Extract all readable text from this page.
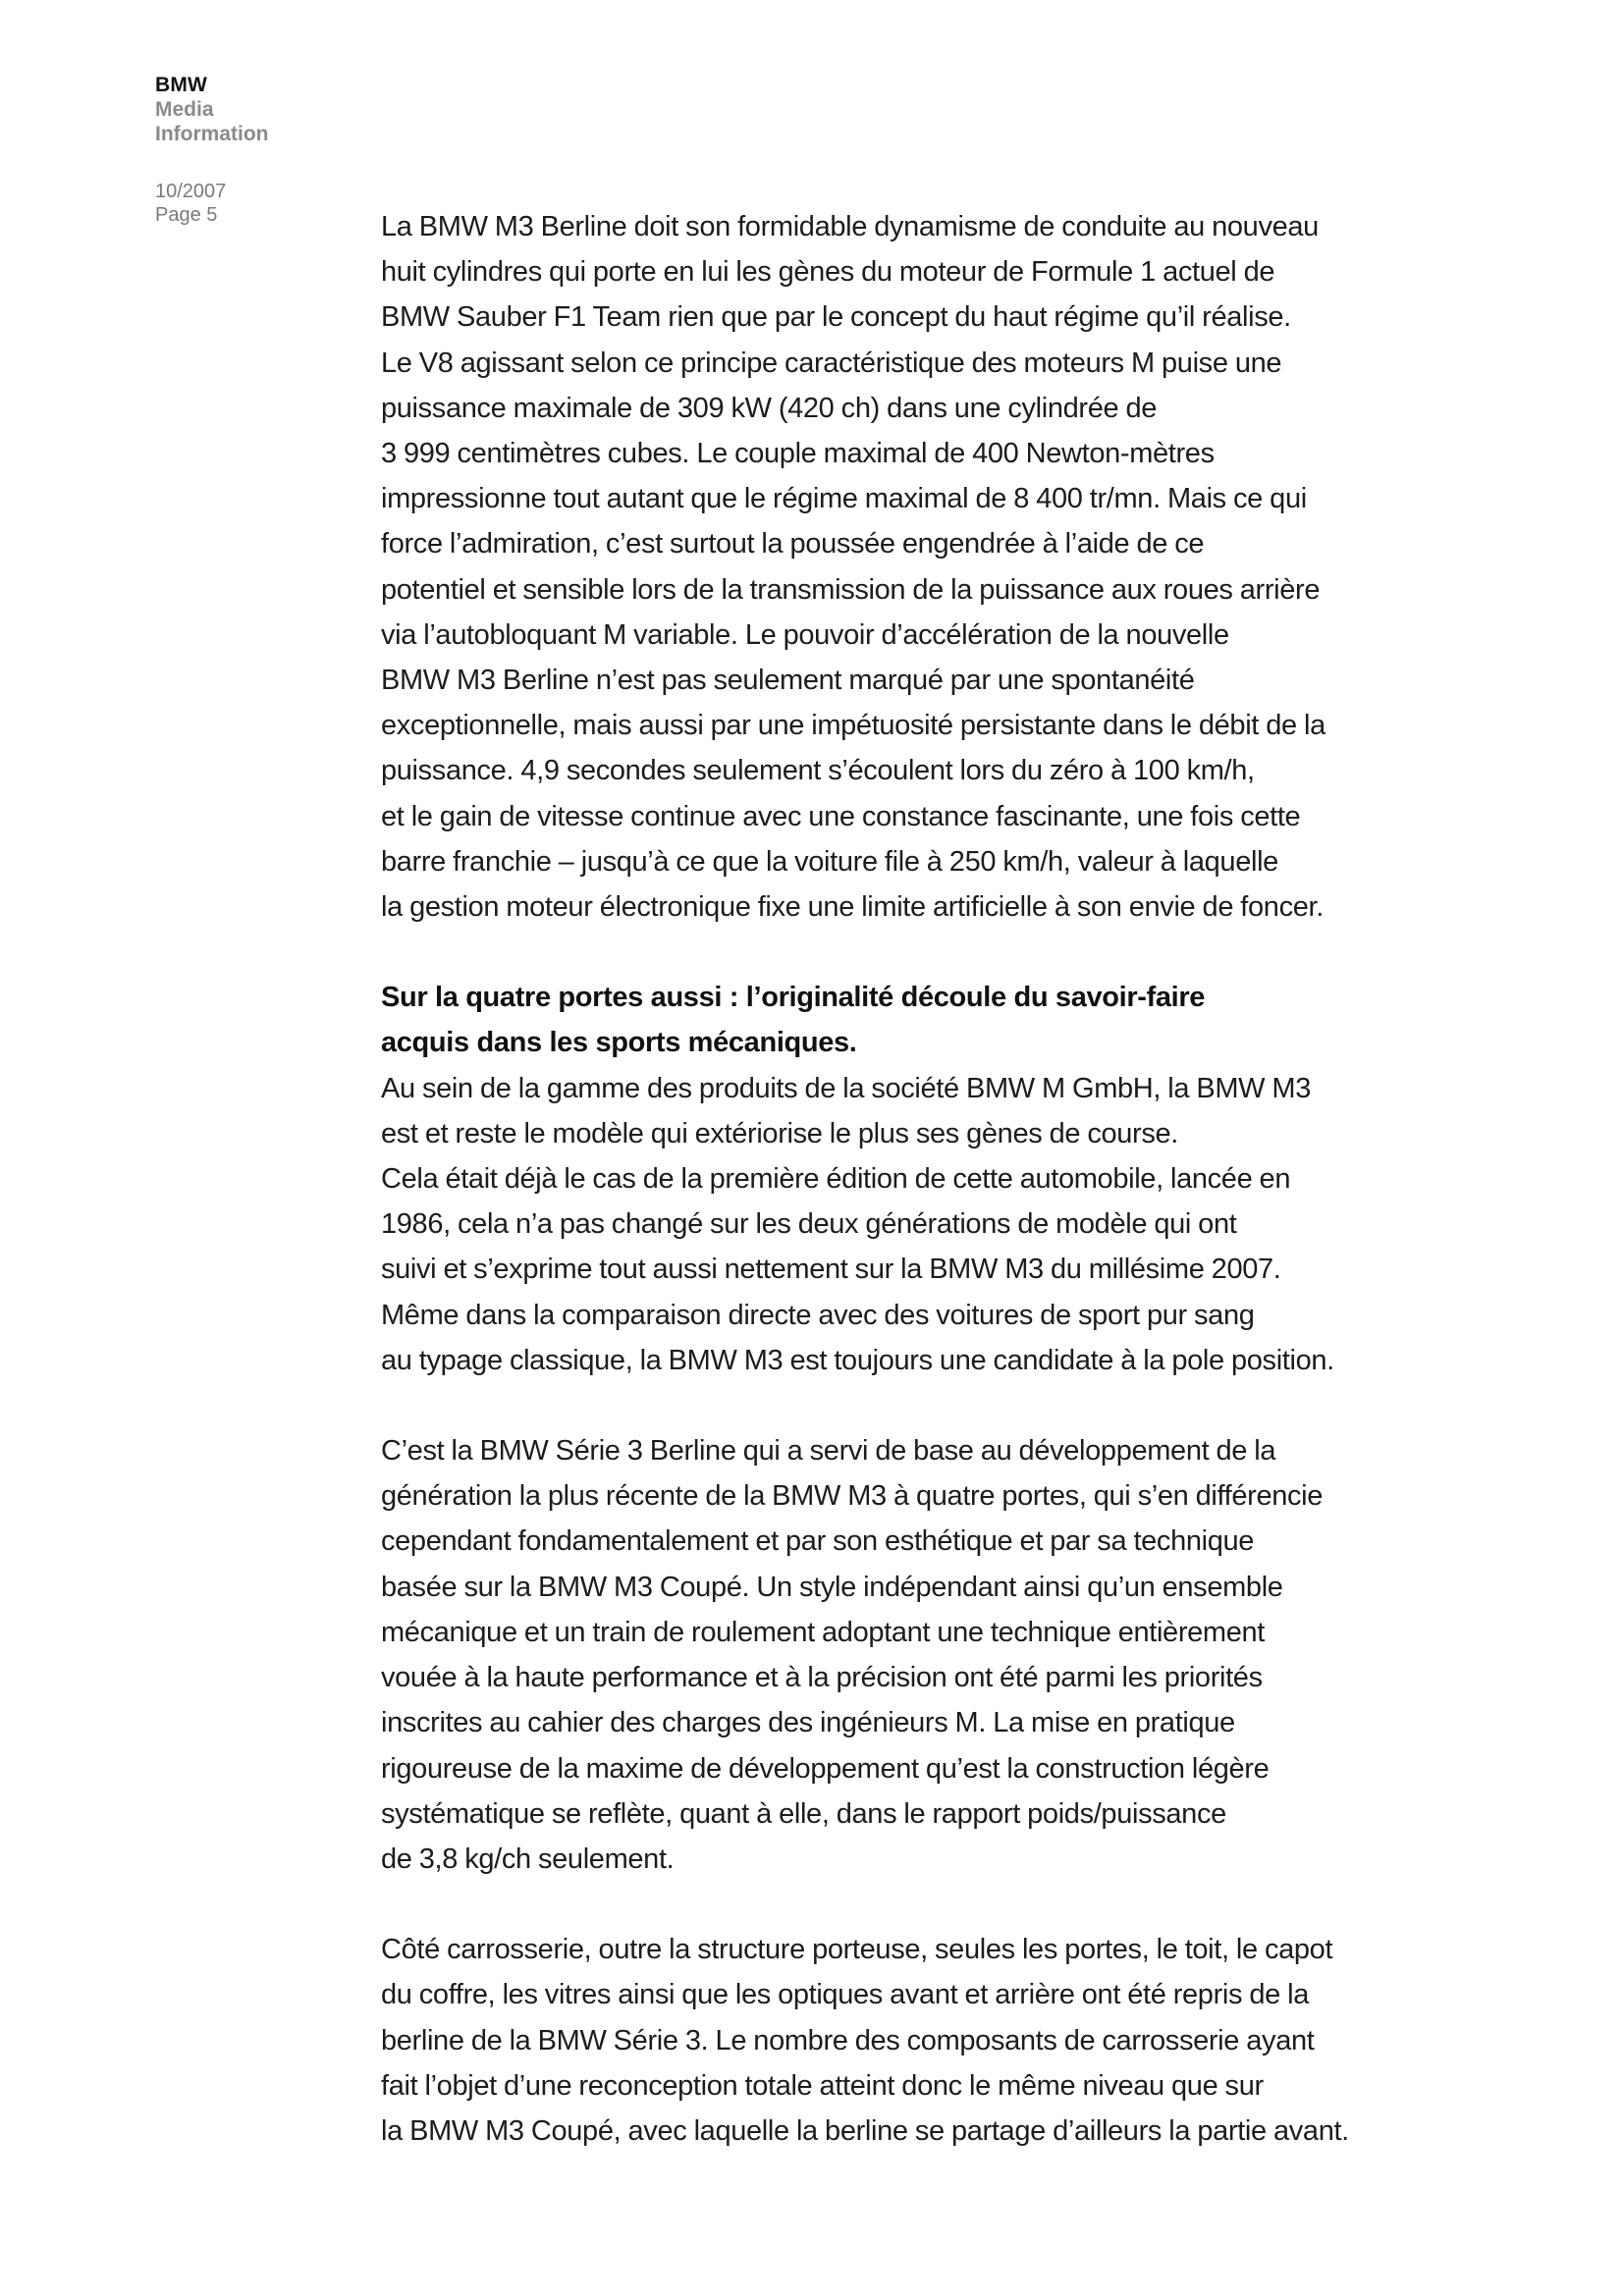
BMW
Media
Information
10/2007
Page 5	La BMW M3 Berline doit son formidable dynamisme de conduite au nouveau
huit cylindres qui porte en lui les gènes du moteur de Formule 1 actuel de
BMW Sauber F1 Team rien que par le concept du haut régime qu’il réalise.
Le V8 agissant selon ce principe caractéristique des moteurs M puise une
puissance maximale de 309 kW (420 ch) dans une cylindrée de
3 999 centimètres cubes. Le couple maximal de 400 Newton-mètres
impressionne tout autant que le régime maximal de 8 400 tr/mn. Mais ce qui
force l’admiration, c’est surtout la poussée engendrée à l’aide de ce
potentiel et sensible lors de la transmission de la puissance aux roues arrière
via l’autobloquant M variable. Le pouvoir d’accélération de la nouvelle
BMW M3 Berline n’est pas seulement marqué par une spontanéité
exceptionnelle, mais aussi par une impétuosité persistante dans le débit de la
puissance. 4,9 secondes seulement s’écoulent lors du zéro à 100 km/h,
et le gain de vitesse continue avec une constance fascinante, une fois cette
barre franchie – jusqu’à ce que la voiture file à 250 km/h, valeur à laquelle
la gestion moteur électronique fixe une limite artificielle à son envie de foncer.

Sur la quatre portes aussi : l’originalité découle du savoir-faire
acquis dans les sports mécaniques.

Au sein de la gamme des produits de la société BMW M GmbH, la BMW M3
est et reste le modèle qui extériorise le plus ses gènes de course.
Cela était déjà le cas de la première édition de cette automobile, lancée en
1986, cela n’a pas changé sur les deux générations de modèle qui ont
suivi et s’exprime tout aussi nettement sur la BMW M3 du millésime 2007.
Même dans la comparaison directe avec des voitures de sport pur sang
au typage classique, la BMW M3 est toujours une candidate à la pole position.

C’est la BMW Série 3 Berline qui a servi de base au développement de la
génération la plus récente de la BMW M3 à quatre portes, qui s’en différencie
cependant fondamentalement et par son esthétique et par sa technique
basée sur la BMW M3 Coupé. Un style indépendant ainsi qu’un ensemble
mécanique et un train de roulement adoptant une technique entièrement
vouée à la haute performance et à la précision ont été parmi les priorités
inscrites au cahier des charges des ingénieurs M. La mise en pratique
rigoureuse de la maxime de développement qu’est la construction légère
systématique se reflète, quant à elle, dans le rapport poids/puissance
de 3,8 kg/ch seulement.

Côté carrosserie, outre la structure porteuse, seules les portes, le toit, le capot
du coffre, les vitres ainsi que les optiques avant et arrière ont été repris de la
berline de la BMW Série 3. Le nombre des composants de carrosserie ayant
fait l’objet d’une reconception totale atteint donc le même niveau que sur
la BMW M3 Coupé, avec laquelle la berline se partage d’ailleurs la partie avant.
